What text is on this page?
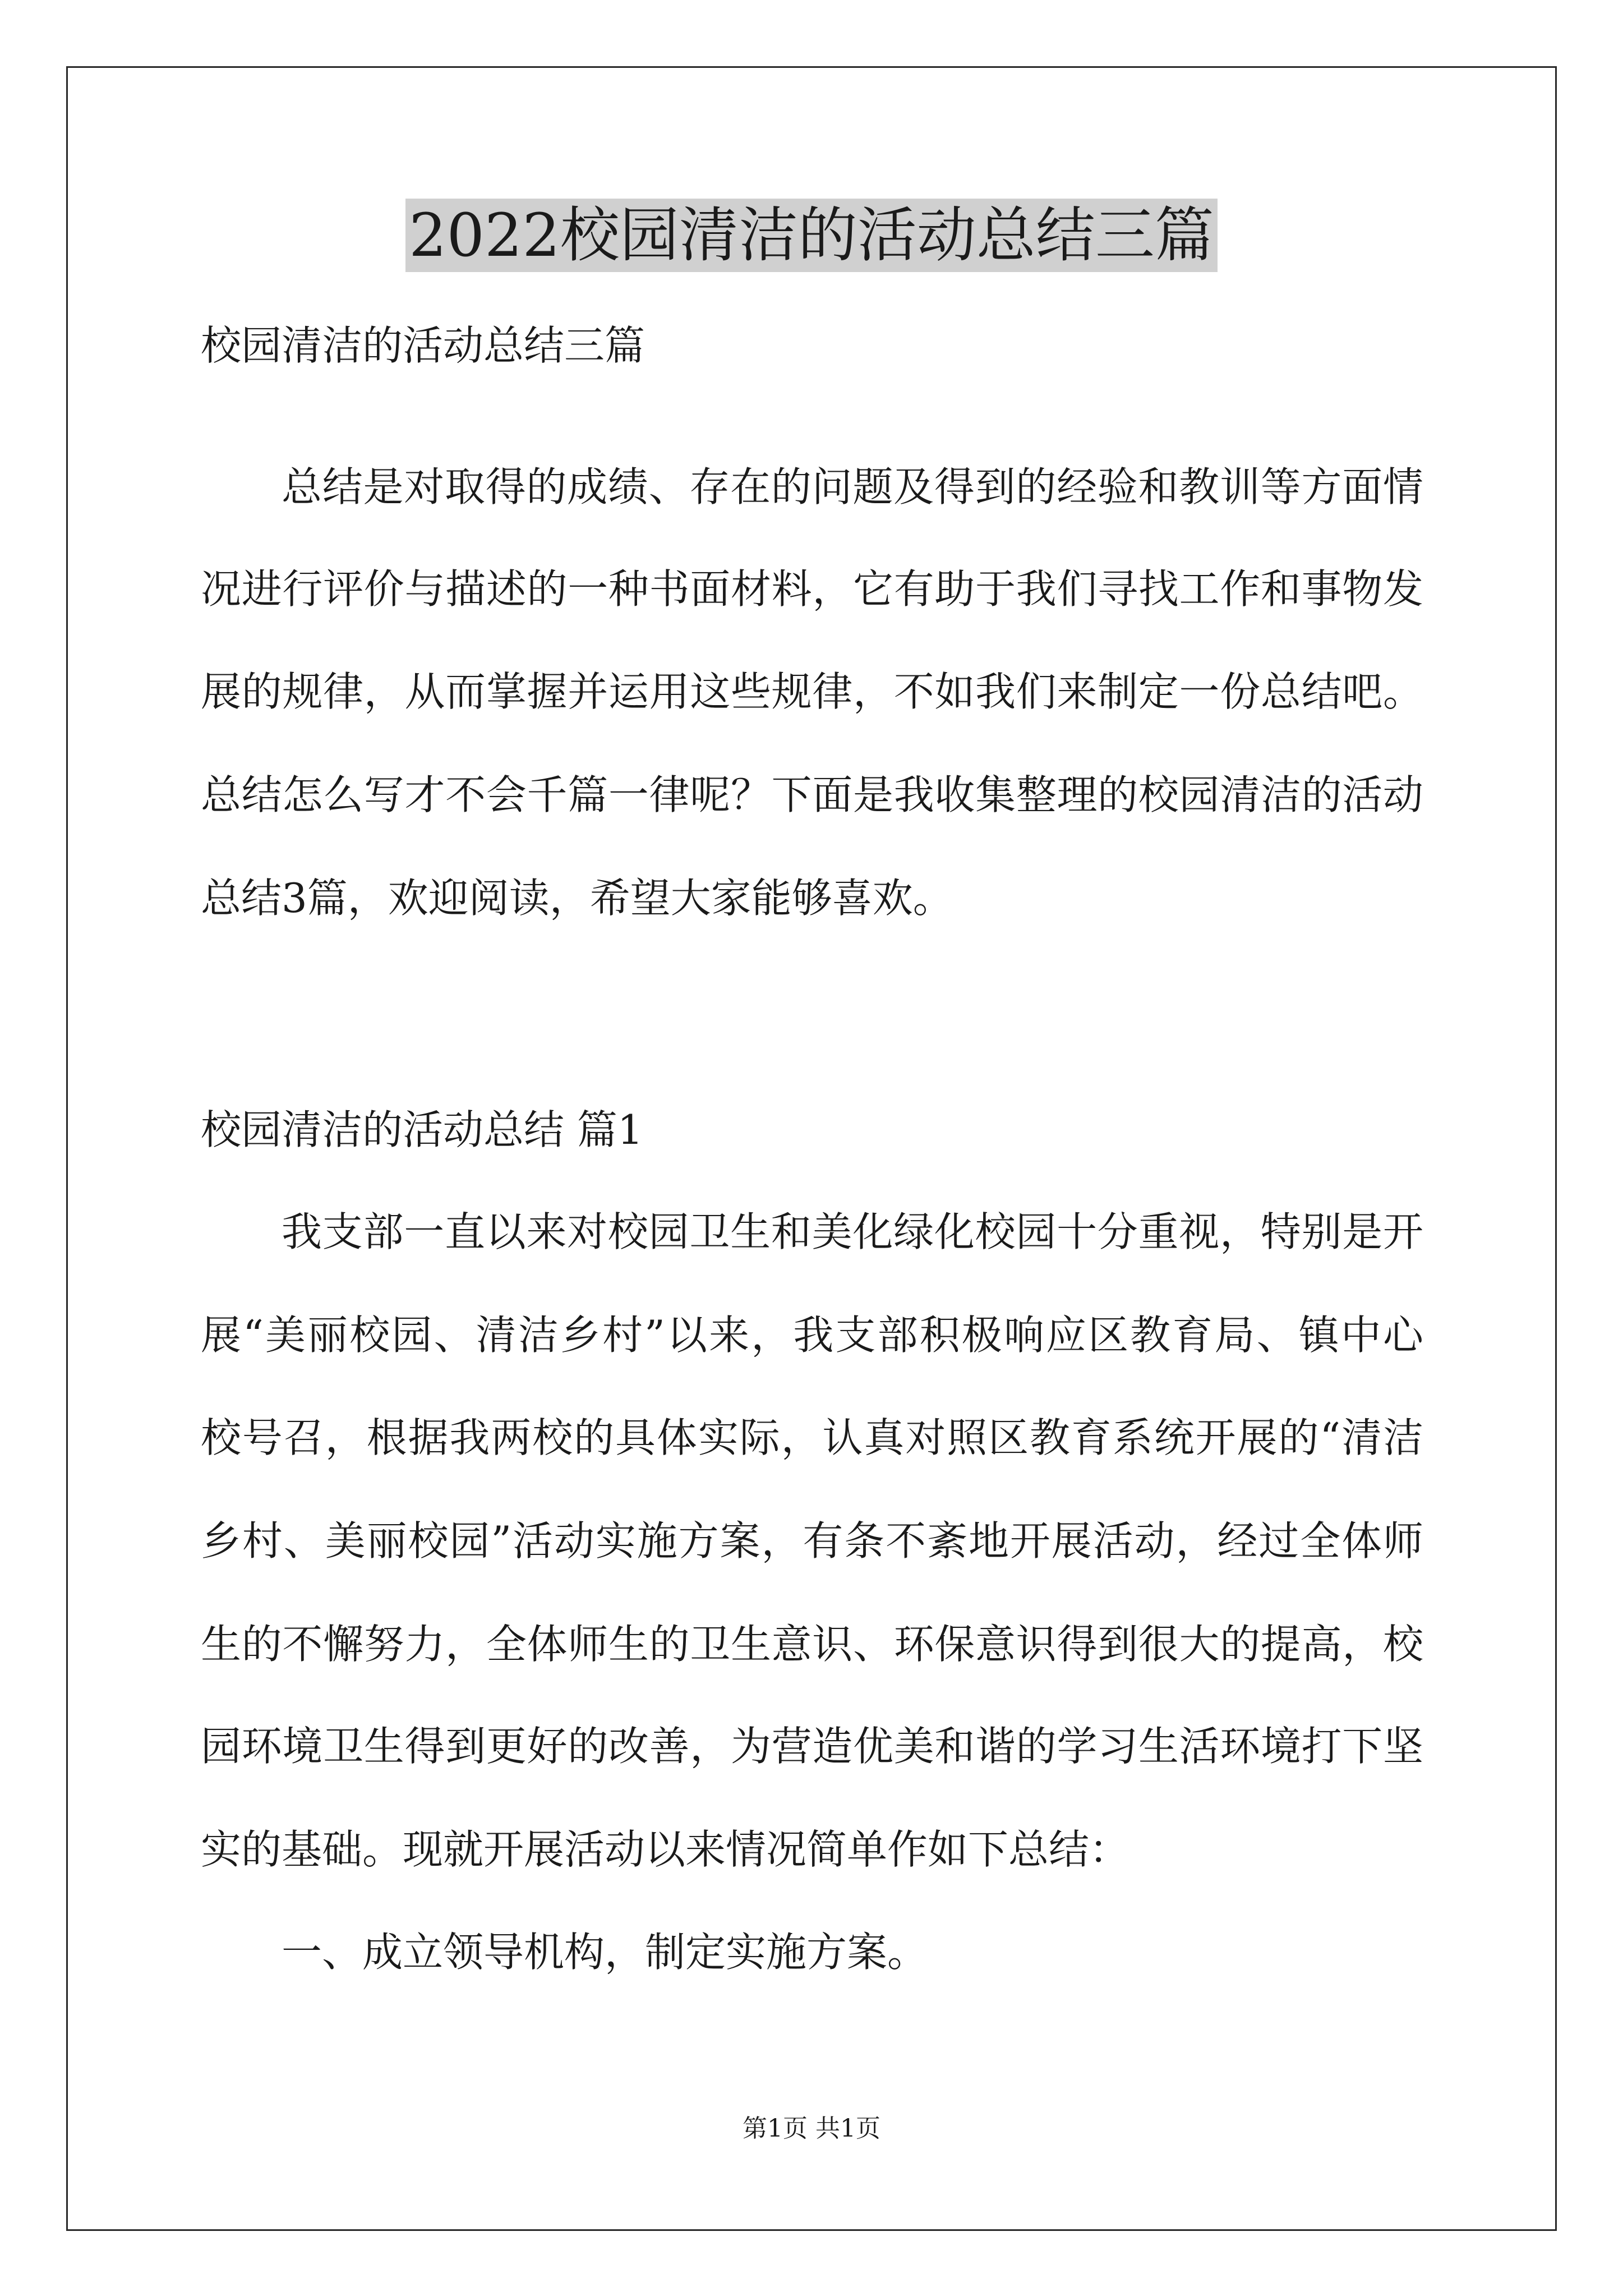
2022校园清洁的活动总结三篇
校园清洁的活动总结三篇
总结是对取得的成绩、存在的问题及得到的经验和教训等方面情
况进行评价与描述的一种书面材料，它有助于我们寻找工作和事物发
展的规律，从而掌握并运用这些规律，不如我们来制定一份总结吧。
总结怎么写才不会千篇一律呢？下面是我收集整理的校园清洁的活动
总结3篇，欢迎阅读，希望大家能够喜欢。
校园清洁的活动总结 篇1
我支部一直以来对校园卫生和美化绿化校园十分重视，特别是开
展“美丽校园、清洁乡村”以来，我支部积极响应区教育局、镇中心
校号召，根据我两校的具体实际，认真对照区教育系统开展的“清洁
乡村、美丽校园”活动实施方案，有条不紊地开展活动，经过全体师
生的不懈努力，全体师生的卫生意识、环保意识得到很大的提高，校
园环境卫生得到更好的改善，为营造优美和谐的学习生活环境打下坚
实的基础。现就开展活动以来情况简单作如下总结：
一、成立领导机构，制定实施方案。
第1页 共1页
